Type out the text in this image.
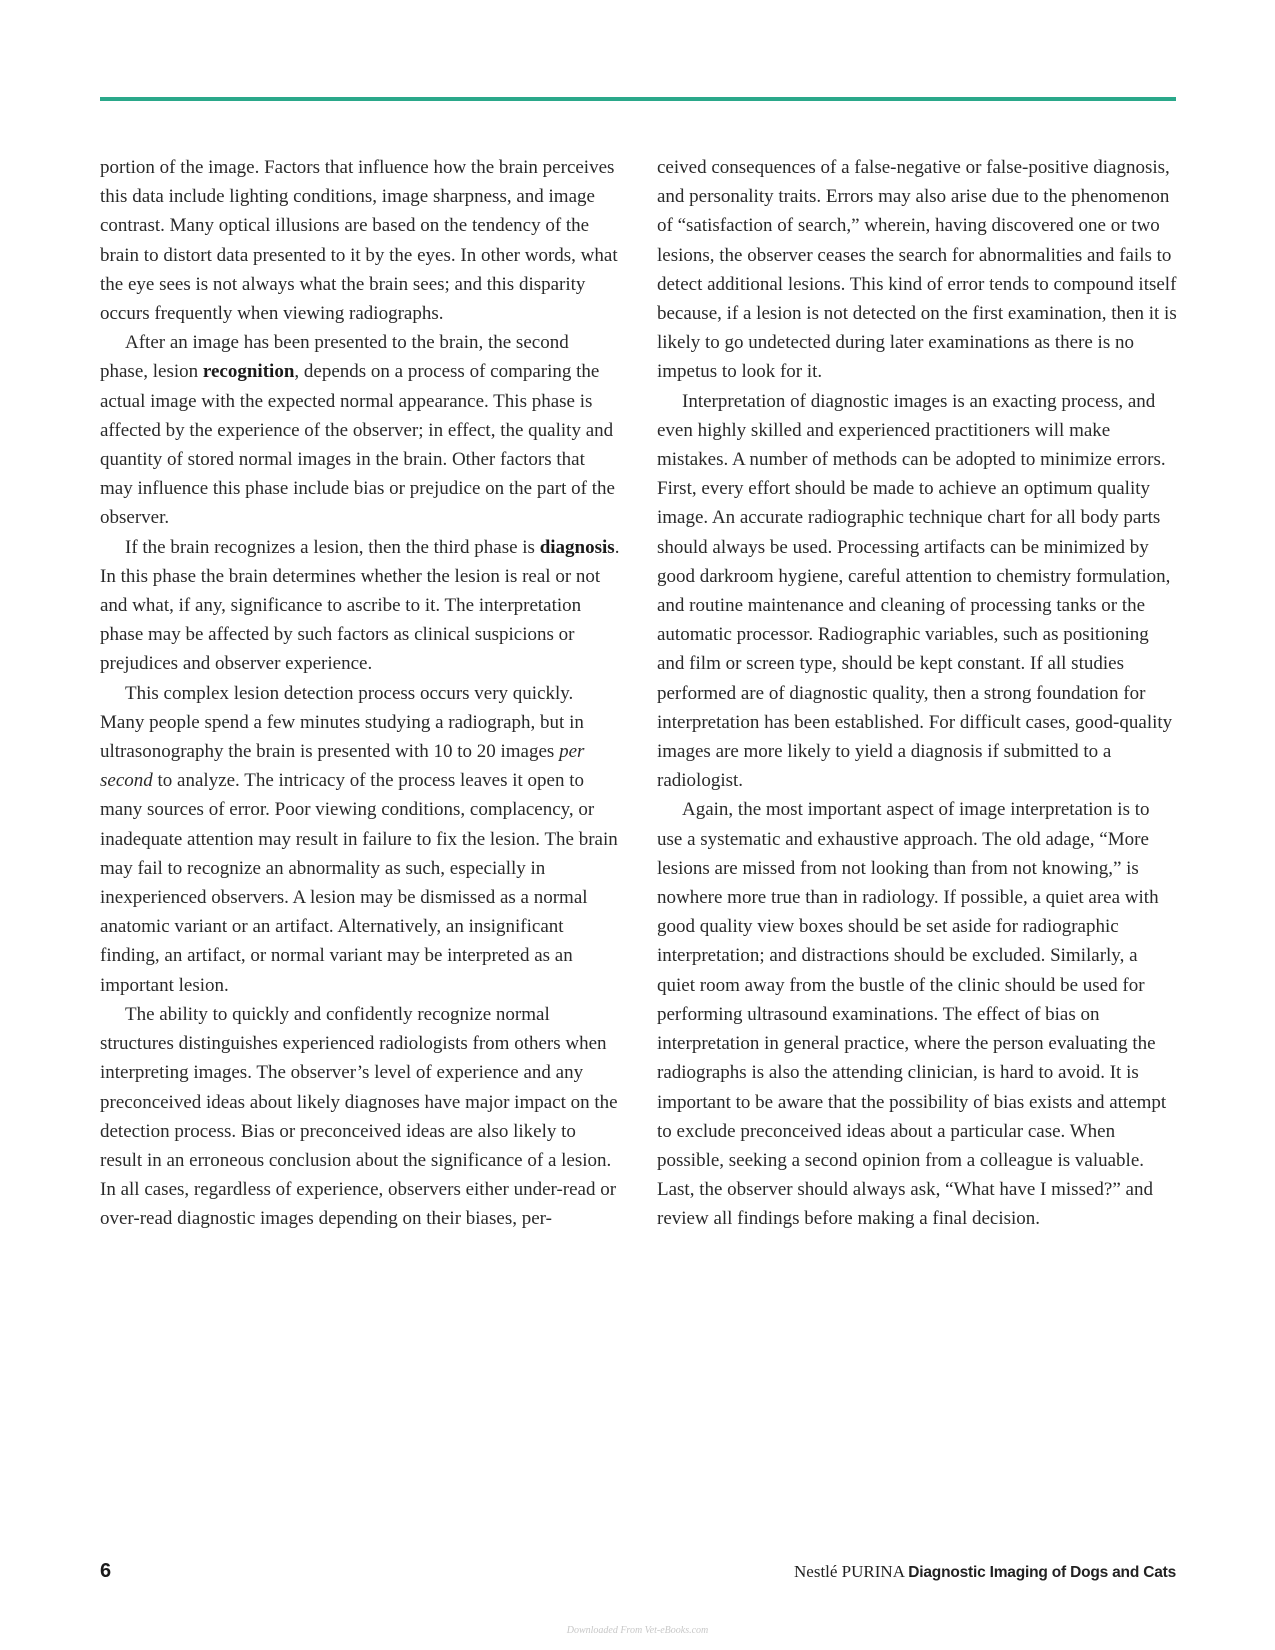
portion of the image. Factors that influence how the brain perceives this data include lighting conditions, image sharpness, and image contrast. Many optical illusions are based on the tendency of the brain to distort data presented to it by the eyes. In other words, what the eye sees is not always what the brain sees; and this disparity occurs frequently when viewing radiographs.

After an image has been presented to the brain, the second phase, lesion recognition, depends on a process of comparing the actual image with the expected normal appearance. This phase is affected by the experience of the observer; in effect, the quality and quantity of stored normal images in the brain. Other factors that may influence this phase include bias or prejudice on the part of the observer.

If the brain recognizes a lesion, then the third phase is diagnosis. In this phase the brain determines whether the lesion is real or not and what, if any, significance to ascribe to it. The interpretation phase may be affected by such factors as clinical suspicions or prejudices and observer experience.

This complex lesion detection process occurs very quickly. Many people spend a few minutes studying a radiograph, but in ultrasonography the brain is presented with 10 to 20 images per second to analyze. The intricacy of the process leaves it open to many sources of error. Poor viewing conditions, complacency, or inadequate attention may result in failure to fix the lesion. The brain may fail to recognize an abnormality as such, especially in inexperienced observers. A lesion may be dismissed as a normal anatomic variant or an artifact. Alternatively, an insignificant finding, an artifact, or normal variant may be interpreted as an important lesion.

The ability to quickly and confidently recognize normal structures distinguishes experienced radiologists from others when interpreting images. The observer’s level of experience and any preconceived ideas about likely diagnoses have major impact on the detection process. Bias or preconceived ideas are also likely to result in an erroneous conclusion about the significance of a lesion. In all cases, regardless of experience, observers either under-read or over-read diagnostic images depending on their biases, per-

ceived consequences of a false-negative or false-positive diagnosis, and personality traits. Errors may also arise due to the phenomenon of “satisfaction of search,” wherein, having discovered one or two lesions, the observer ceases the search for abnormalities and fails to detect additional lesions. This kind of error tends to compound itself because, if a lesion is not detected on the first examination, then it is likely to go undetected during later examinations as there is no impetus to look for it.

Interpretation of diagnostic images is an exacting process, and even highly skilled and experienced practitioners will make mistakes. A number of methods can be adopted to minimize errors. First, every effort should be made to achieve an optimum quality image. An accurate radiographic technique chart for all body parts should always be used. Processing artifacts can be minimized by good darkroom hygiene, careful attention to chemistry formulation, and routine maintenance and cleaning of processing tanks or the automatic processor. Radiographic variables, such as positioning and film or screen type, should be kept constant. If all studies performed are of diagnostic quality, then a strong foundation for interpretation has been established. For difficult cases, good-quality images are more likely to yield a diagnosis if submitted to a radiologist.

Again, the most important aspect of image interpretation is to use a systematic and exhaustive approach. The old adage, “More lesions are missed from not looking than from not knowing,” is nowhere more true than in radiology. If possible, a quiet area with good quality view boxes should be set aside for radiographic interpretation; and distractions should be excluded. Similarly, a quiet room away from the bustle of the clinic should be used for performing ultrasound examinations. The effect of bias on interpretation in general practice, where the person evaluating the radiographs is also the attending clinician, is hard to avoid. It is important to be aware that the possibility of bias exists and attempt to exclude preconceived ideas about a particular case. When possible, seeking a second opinion from a colleague is valuable. Last, the observer should always ask, “What have I missed?” and review all findings before making a final decision.

6	Nestlé PURINA Diagnostic Imaging of Dogs and Cats
Downloaded From Vet-eBooks.com
